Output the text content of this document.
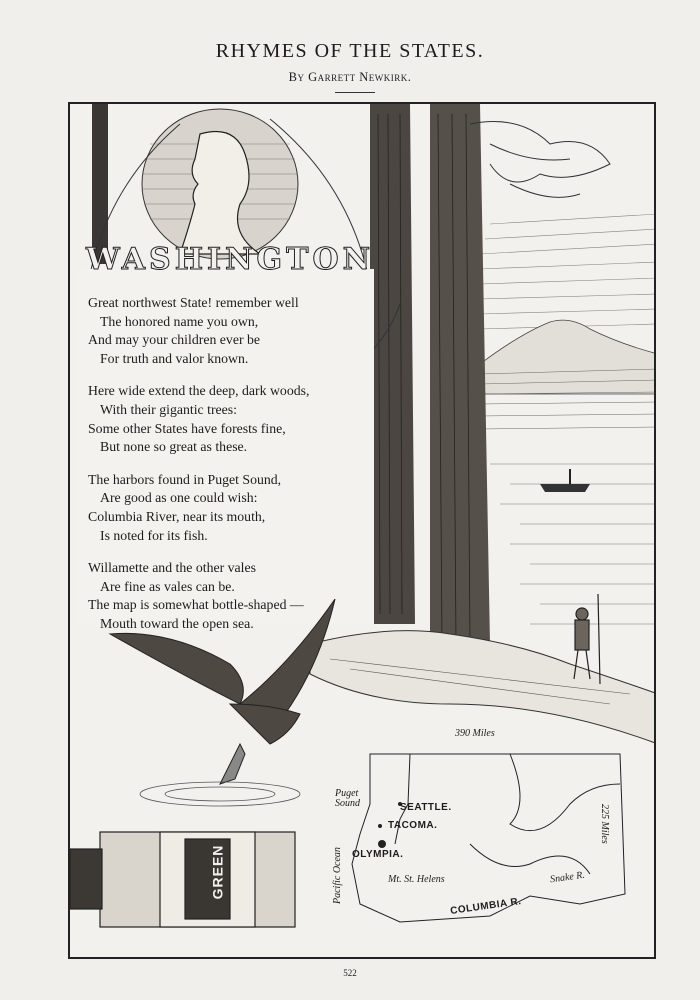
RHYMES OF THE STATES.
By Garrett Newkirk.
WASHINGTON
Great northwest State! remember well
The honored name you own,
And may your children ever be
For truth and valor known.
Here wide extend the deep, dark woods,
With their gigantic trees:
Some other States have forests fine,
But none so great as these.
The harbors found in Puget Sound,
Are good as one could wish:
Columbia River, near its mouth,
Is noted for its fish.
Willamette and the other vales
Are fine as vales can be.
The map is somewhat bottle-shaped —
Mouth toward the open sea.
390 Miles
225 Miles
Puget Sound	SEATTLE.
TACOMA.
OLYMPIA.
Mt. St. Helens
COLUMBIA R.
Snake R.
Pacific Ocean
GREEN
522
